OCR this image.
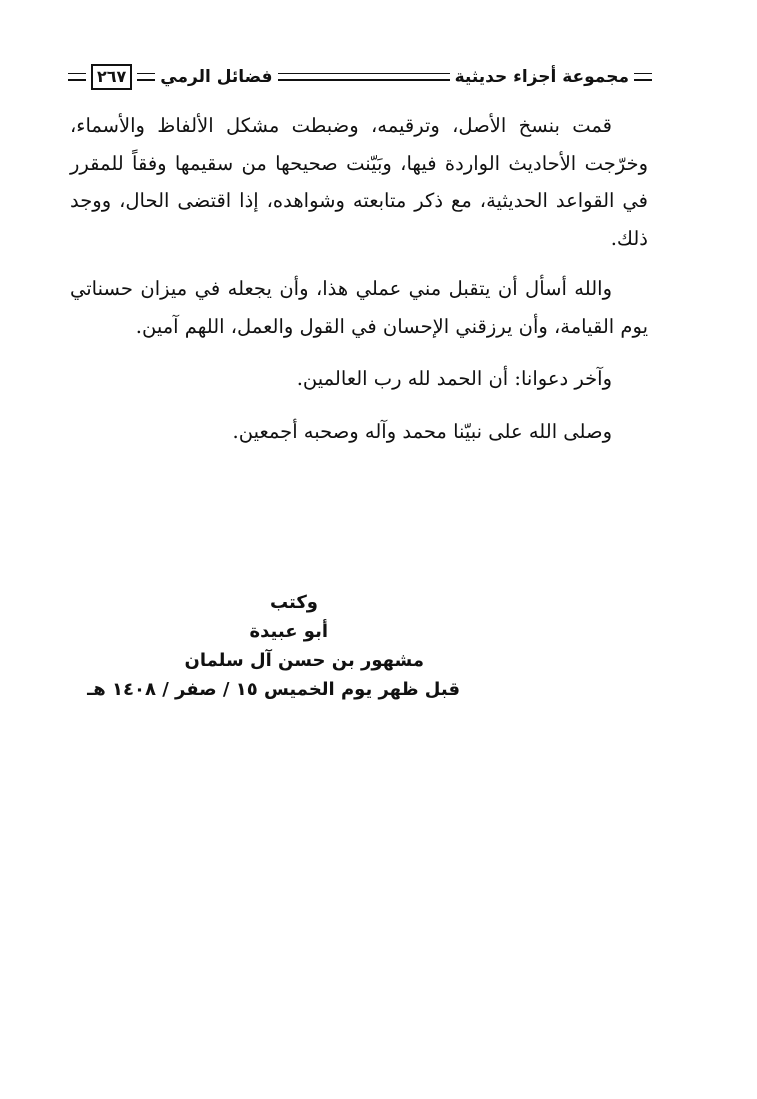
مجموعة أجزاء حديثية
فضائل الرمي
٢٦٧

قمت بنسخ الأصل، وترقيمه، وضبطت مشكل الألفاظ والأسماء، وخرّجت الأحاديث الواردة فيها، وبَيّنت صحيحها من سقيمها وفقاً للمقرر في القواعد الحديثية، مع ذكر متابعته وشواهده، إذا اقتضى الحال، ووجد ذلك.

والله أسأل أن يتقبل مني عملي هذا، وأن يجعله في ميزان حسناتي يوم القيامة، وأن يرزقني الإحسان في القول والعمل، اللهم آمين.

وآخر دعوانا: أن الحمد لله رب العالمين.

وصلى الله على نبيّنا محمد وآله وصحبه أجمعين.

وكتب
أبو عبيدة
مشهور بن حسن آل سلمان
قبل ظهر يوم الخميس ١٥ / صفر / ١٤٠٨ هـ
